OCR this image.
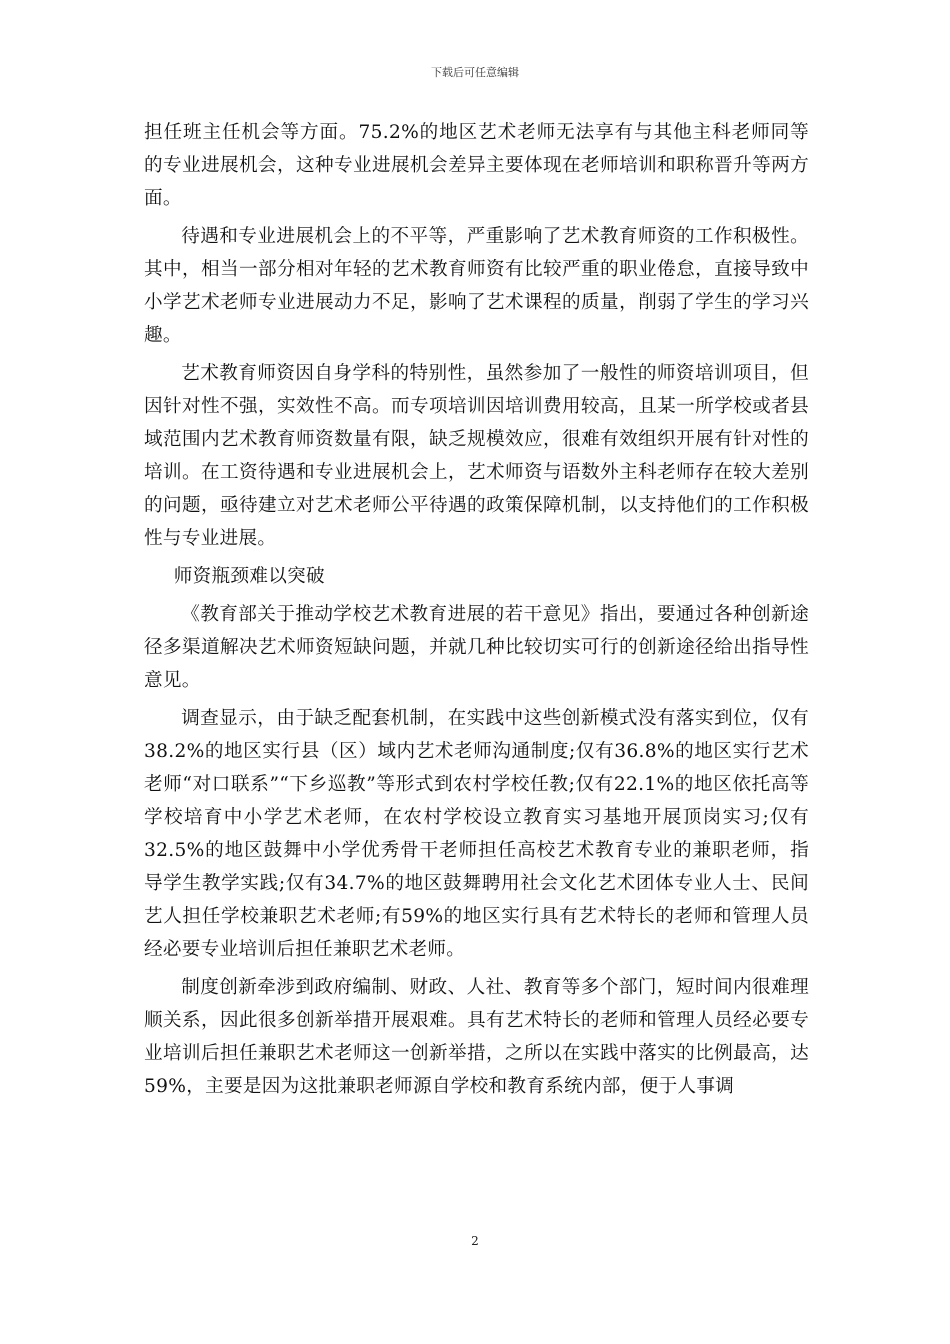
下载后可任意编辑

担任班主任机会等方面。75.2%的地区艺术老师无法享有与其他主科老师同等的专业进展机会，这种专业进展机会差异主要体现在老师培训和职称晋升等两方面。

待遇和专业进展机会上的不平等，严重影响了艺术教育师资的工作积极性。其中，相当一部分相对年轻的艺术教育师资有比较严重的职业倦怠，直接导致中小学艺术老师专业进展动力不足，影响了艺术课程的质量，削弱了学生的学习兴趣。

艺术教育师资因自身学科的特别性，虽然参加了一般性的师资培训项目，但因针对性不强，实效性不高。而专项培训因培训费用较高，且某一所学校或者县域范围内艺术教育师资数量有限，缺乏规模效应，很难有效组织开展有针对性的培训。在工资待遇和专业进展机会上，艺术师资与语数外主科老师存在较大差别的问题，亟待建立对艺术老师公平待遇的政策保障机制，以支持他们的工作积极性与专业进展。

师资瓶颈难以突破

《教育部关于推动学校艺术教育进展的若干意见》指出，要通过各种创新途径多渠道解决艺术师资短缺问题，并就几种比较切实可行的创新途径给出指导性意见。

调查显示，由于缺乏配套机制，在实践中这些创新模式没有落实到位，仅有38.2%的地区实行县（区）域内艺术老师沟通制度;仅有36.8%的地区实行艺术老师“对口联系”“下乡巡教”等形式到农村学校任教;仅有22.1%的地区依托高等学校培育中小学艺术老师，在农村学校设立教育实习基地开展顶岗实习;仅有32.5%的地区鼓舞中小学优秀骨干老师担任高校艺术教育专业的兼职老师，指导学生教学实践;仅有34.7%的地区鼓舞聘用社会文化艺术团体专业人士、民间艺人担任学校兼职艺术老师;有59%的地区实行具有艺术特长的老师和管理人员经必要专业培训后担任兼职艺术老师。

制度创新牵涉到政府编制、财政、人社、教育等多个部门，短时间内很难理顺关系，因此很多创新举措开展艰难。具有艺术特长的老师和管理人员经必要专业培训后担任兼职艺术老师这一创新举措，之所以在实践中落实的比例最高，达59%，主要是因为这批兼职老师源自学校和教育系统内部，便于人事调

2
